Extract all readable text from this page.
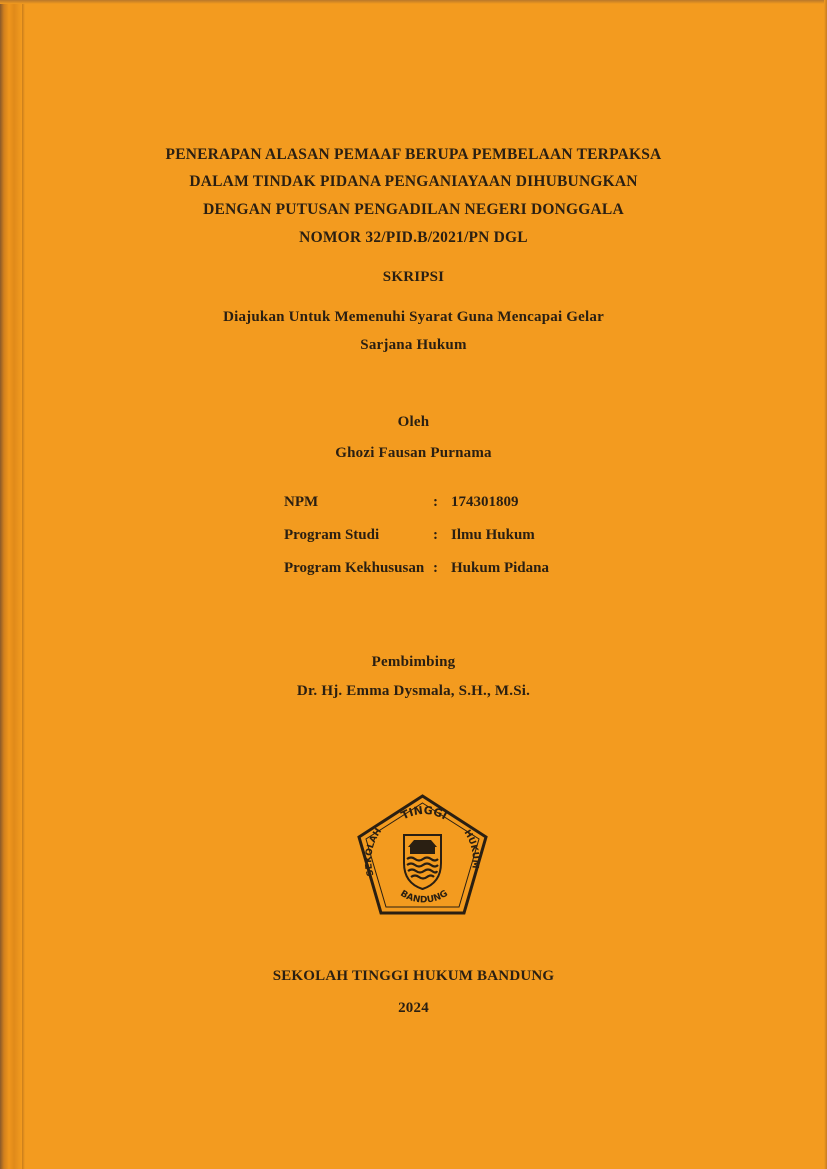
PENERAPAN ALASAN PEMAAF BERUPA PEMBELAAN TERPAKSA
DALAM TINDAK PIDANA PENGANIAYAAN DIHUBUNGKAN
DENGAN PUTUSAN PENGADILAN NEGERI DONGGALA
NOMOR 32/PID.B/2021/PN DGL
SKRIPSI
Diajukan Untuk Memenuhi Syarat Guna Mencapai Gelar
Sarjana Hukum
Oleh
Ghozi Fausan Purnama
NPM	: 174301809
Program Studi	: Ilmu Hukum
Program Kekhususan : Hukum Pidana
Pembimbing
Dr. Hj. Emma Dysmala, S.H., M.Si.
TINGGI
SEKOLAH	HUKUM
BANDUNG
SEKOLAH TINGGI HUKUM BANDUNG
2024
